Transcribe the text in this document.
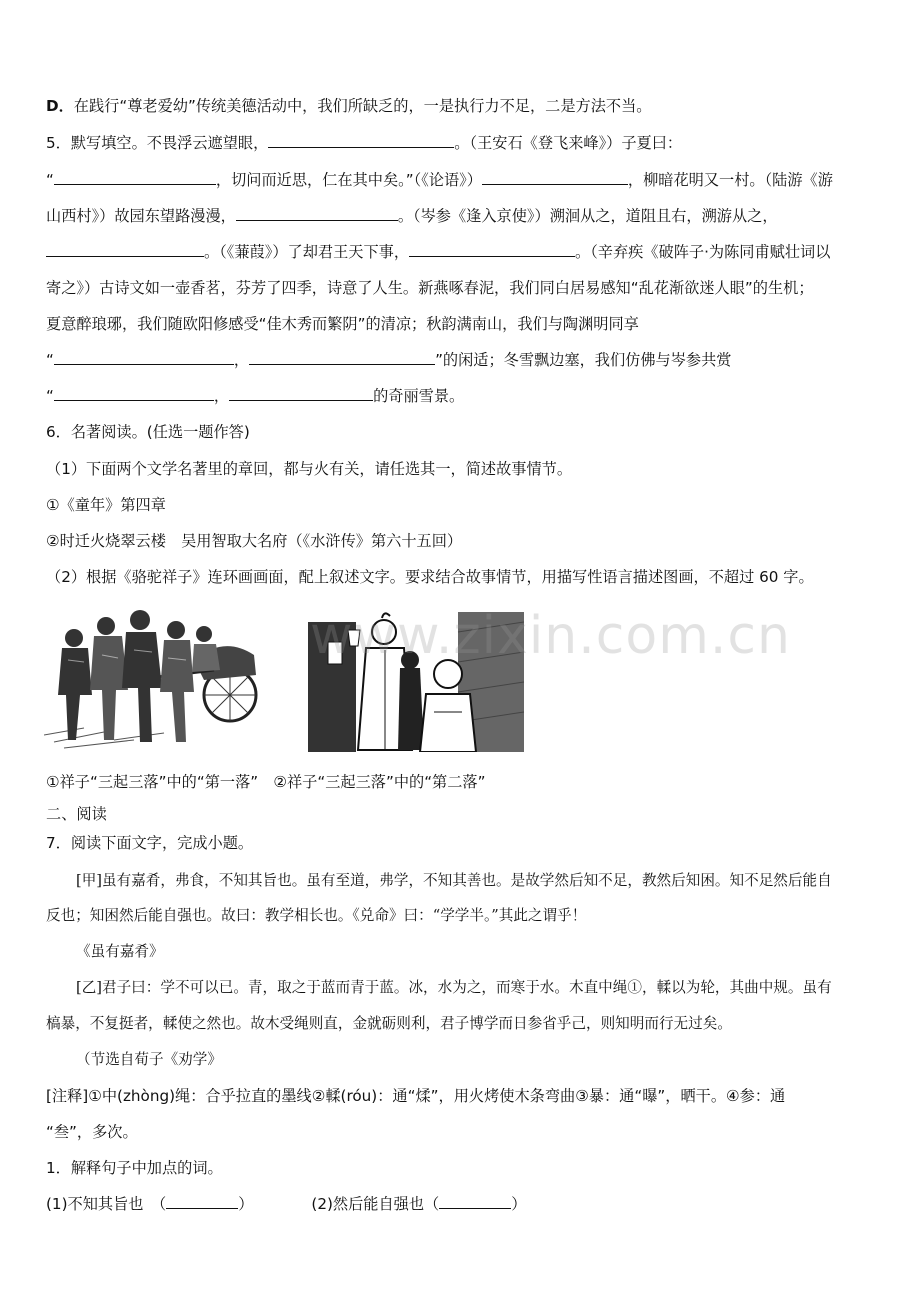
D．在践行“尊老爱幼”传统美德活动中，我们所缺乏的，一是执行力不足，二是方法不当。
5．默写填空。不畏浮云遮望眼，	。（王安石《登飞来峰》）子夏曰：
“	，切问而近思，仁在其中矣。”（《论语》）	，柳暗花明又一村。（陆游《游
山西村》）故园东望路漫漫，	。（岑参《逢入京使》）溯洄从之，道阻且右，溯游从之，
。（《蒹葭》）了却君王天下事，	。（辛弃疾《破阵子·为陈同甫赋壮词以
寄之》）古诗文如一壶香茗，芬芳了四季，诗意了人生。新燕啄春泥，我们同白居易感知“乱花渐欲迷人眼”的生机；
夏意醉琅琊，我们随欧阳修感受“佳木秀而繁阴”的清凉；秋韵满南山，我们与陶渊明同享
“	，	”的闲适；冬雪飘边塞，我们仿佛与岑参共赏
“	，	的奇丽雪景。
6．名著阅读。(任选一题作答)
（1）下面两个文学名著里的章回，都与火有关，请任选其一，简述故事情节。
①《童年》第四章
②时迁火烧翠云楼　吴用智取大名府（《水浒传》第六十五回）
（2）根据《骆驼祥子》连环画画面，配上叙述文字。要求结合故事情节，用描写性语言描述图画，不超过 60 字。
www.zixin.com.cn
①祥子“三起三落”中的“第一落”　②祥子“三起三落”中的“第二落”
二、阅读
7．阅读下面文字，完成小题。
[甲]虽有嘉肴，弗食，不知其旨也。虽有至道，弗学，不知其善也。是故学然后知不足，教然后知困。知不足然后能自
反也；知困然后能自强也。故曰：教学相长也。《兑命》曰：“学学半。”其此之谓乎！
《虽有嘉肴》
[乙]君子曰：学不可以已。青，取之于蓝而青于蓝。冰，水为之，而寒于水。木直中绳①，輮以为轮，其曲中规。虽有
槁暴，不复挺者，輮使之然也。故木受绳则直，金就砺则利，君子博学而日参省乎己，则知明而行无过矣。
（节选自荀子《劝学》
[注释]①中(zhòng)绳：合乎拉直的墨线②輮(róu)：通“煣”，用火烤使木条弯曲③暴：通“曝”，晒干。④参：通
“叁”，多次。
1．解释句子中加点的词。
(1)不知其旨也　（	）	(2)然后能自强也（	）
